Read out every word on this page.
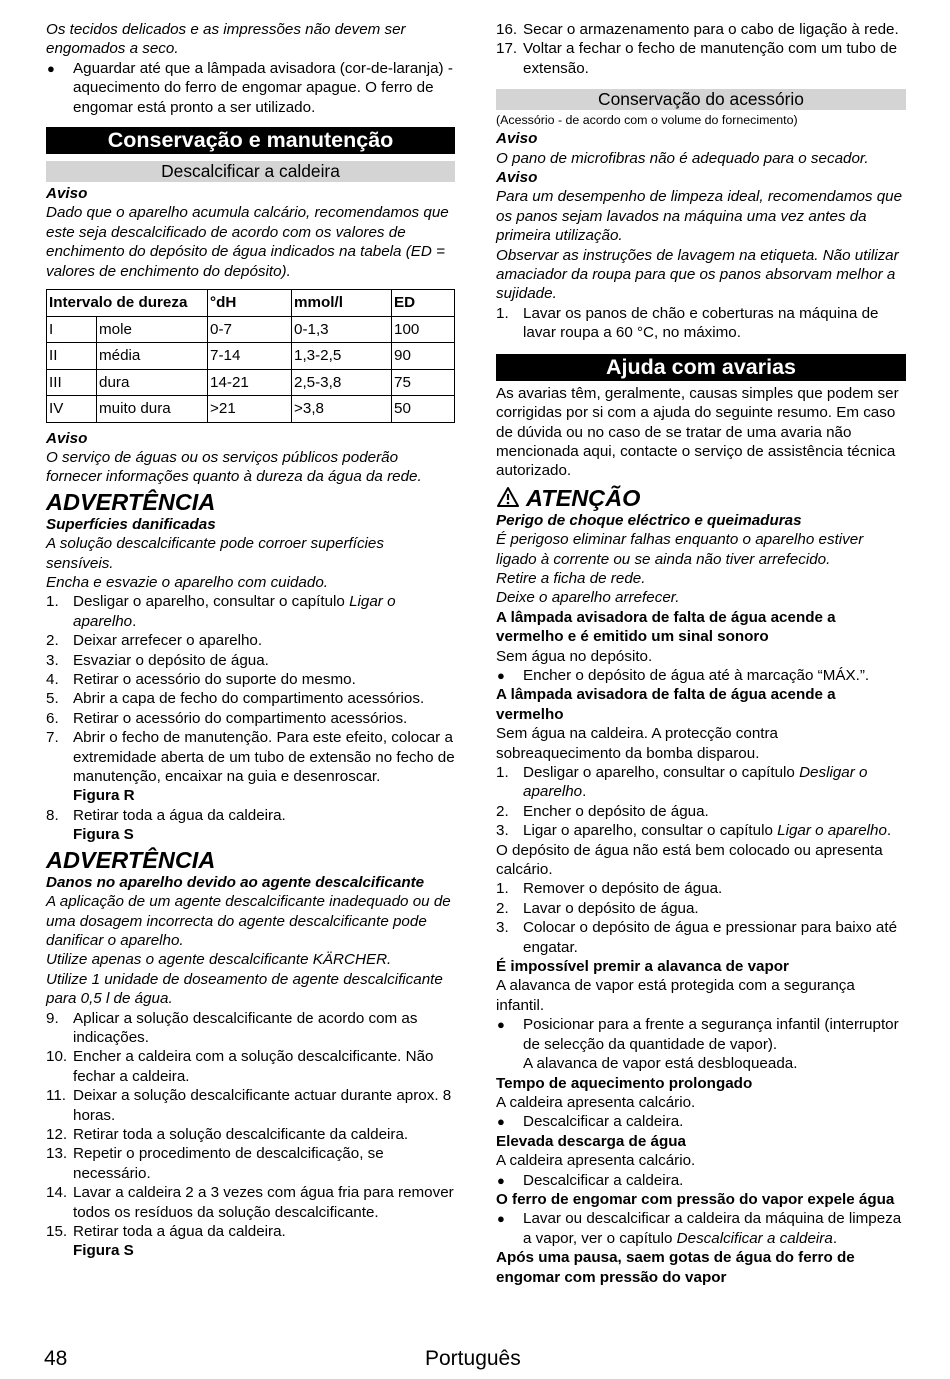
Os tecidos delicados e as impressões não devem ser engomados a seco.

●	Aguardar até que a lâmpada avisadora (cor-de-laranja) - aquecimento do ferro de engomar apague. O ferro de engomar está pronto a ser utilizado.
Conservação e manutenção
Descalcificar a caldeira

Aviso

Dado que o aparelho acumula calcário, recomendamos que este seja descalcificado de acordo com os valores de enchimento do depósito de água indicados na tabela (ED = valores de enchimento do depósito).

Intervalo de dureza		°dH	mmol/l	ED
I	mole	0-7	0-1,3	100
II	média	7-14	1,3-2,5	90
III	dura	14-21	2,5-3,8	75
IV	muito dura	>21	>3,8	50

Aviso

O serviço de águas ou os serviços públicos poderão fornecer informações quanto à dureza da água da rede.

ADVERTÊNCIA

Superfícies danificadas

A solução descalcificante pode corroer superfícies sensíveis.

Encha e esvazie o aparelho com cuidado.

1. Desligar o aparelho, consultar o capítulo Ligar o aparelho.
2. Deixar arrefecer o aparelho.
3. Esvaziar o depósito de água.
4. Retirar o acessório do suporte do mesmo.
5. Abrir a capa de fecho do compartimento acessórios.
6. Retirar o acessório do compartimento acessórios.
7. Abrir o fecho de manutenção. Para este efeito, colocar a extremidade aberta de um tubo de extensão no fecho de manutenção, encaixar na guia e desenroscar.

Figura R

8. Retirar toda a água da caldeira.

Figura S

ADVERTÊNCIA

Danos no aparelho devido ao agente descalcificante

A aplicação de um agente descalcificante inadequado ou de uma dosagem incorrecta do agente descalcificante pode danificar o aparelho.

Utilize apenas o agente descalcificante KÄRCHER.

Utilize 1 unidade de doseamento de agente descalcificante para 0,5 l de água.

9. Aplicar a solução descalcificante de acordo com as indicações.
10. Encher a caldeira com a solução descalcificante. Não fechar a caldeira.
11. Deixar a solução descalcificante actuar durante aprox. 8 horas.
12. Retirar toda a solução descalcificante da caldeira.
13. Repetir o procedimento de descalcificação, se necessário.
14. Lavar a caldeira 2 a 3 vezes com água fria para remover todos os resíduos da solução descalcificante.
15. Retirar toda a água da caldeira.

Figura S

16. Secar o armazenamento para o cabo de ligação à rede.
17. Voltar a fechar o fecho de manutenção com um tubo de extensão.
Conservação do acessório

(Acessório - de acordo com o volume do fornecimento)

Aviso

O pano de microfibras não é adequado para o secador.

Aviso

Para um desempenho de limpeza ideal, recomendamos que os panos sejam lavados na máquina uma vez antes da primeira utilização.

Observar as instruções de lavagem na etiqueta. Não utilizar amaciador da roupa para que os panos absorvam melhor a sujidade.

1. Lavar os panos de chão e coberturas na máquina de lavar roupa a 60 °C, no máximo.
Ajuda com avarias

As avarias têm, geralmente, causas simples que podem ser corrigidas por si com a ajuda do seguinte resumo. Em caso de dúvida ou no caso de se tratar de uma avaria não mencionada aqui, contacte o serviço de assistência técnica autorizado.

ATENÇÃO

Perigo de choque eléctrico e queimaduras

É perigoso eliminar falhas enquanto o aparelho estiver ligado à corrente ou se ainda não tiver arrefecido.

Retire a ficha de rede.

Deixe o aparelho arrefecer.

A lâmpada avisadora de falta de água acende a vermelho e é emitido um sinal sonoro

Sem água no depósito.

●	Encher o depósito de água até à marcação “MÁX.”.

A lâmpada avisadora de falta de água acende a vermelho

Sem água na caldeira. A protecção contra sobreaquecimento da bomba disparou.

1. Desligar o aparelho, consultar o capítulo Desligar o aparelho.
2. Encher o depósito de água.
3. Ligar o aparelho, consultar o capítulo Ligar o aparelho.

O depósito de água não está bem colocado ou apresenta calcário.

1. Remover o depósito de água.
2. Lavar o depósito de água.
3. Colocar o depósito de água e pressionar para baixo até engatar.

É impossível premir a alavanca de vapor

A alavanca de vapor está protegida com a segurança infantil.

●	Posicionar para a frente a segurança infantil (interruptor de selecção da quantidade de vapor).

A alavanca de vapor está desbloqueada.

Tempo de aquecimento prolongado

A caldeira apresenta calcário.

●	Descalcificar a caldeira.

Elevada descarga de água

A caldeira apresenta calcário.

●	Descalcificar a caldeira.

O ferro de engomar com pressão do vapor expele água

●	Lavar ou descalcificar a caldeira da máquina de limpeza a vapor, ver o capítulo Descalcificar a caldeira.

Após uma pausa, saem gotas de água do ferro de engomar com pressão do vapor

48	Português
